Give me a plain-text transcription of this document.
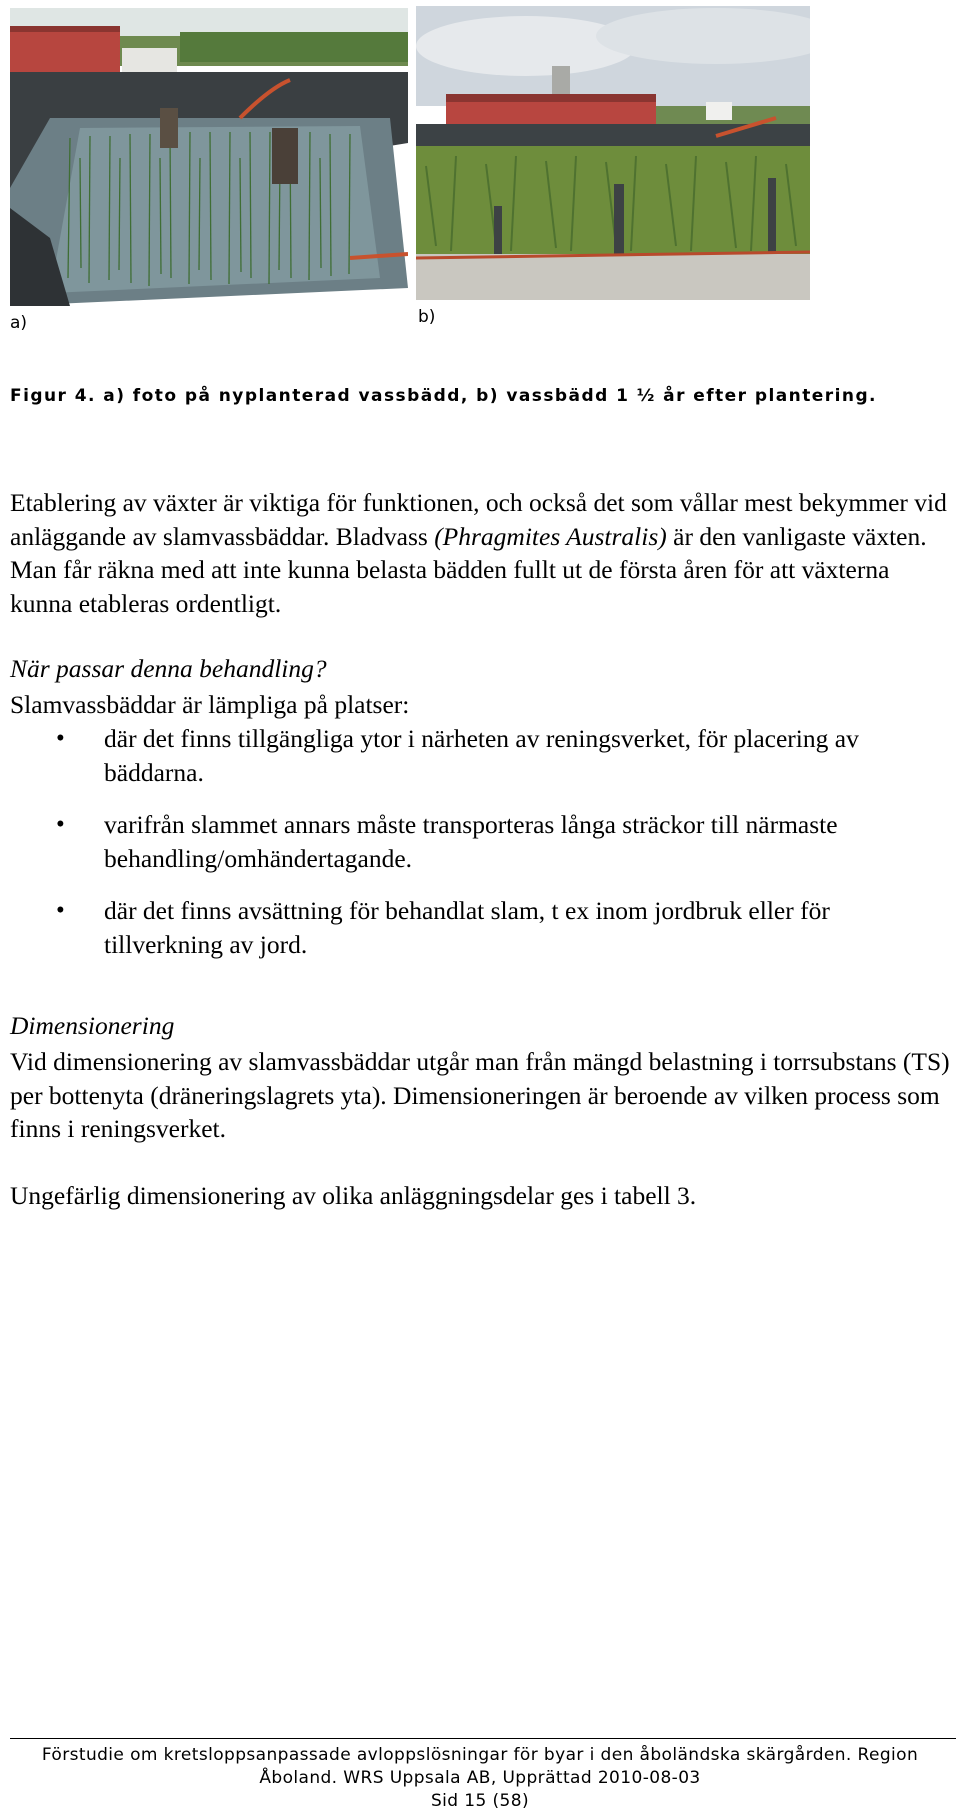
a)	b)
Figur 4. a) foto på nyplanterad vassbädd, b) vassbädd 1 ½ år efter plantering.

Etablering av växter är viktiga för funktionen, och också det som vållar mest bekymmer vid anläggande av slamvassbäddar. Bladvass (Phragmites Australis) är den vanligaste växten. Man får räkna med att inte kunna belasta bädden fullt ut de första åren för att växterna kunna etableras ordentligt.

När passar denna behandling?

Slamvassbäddar är lämpliga på platser:

• där det finns tillgängliga ytor i närheten av reningsverket, för placering av bäddarna.
• varifrån slammet annars måste transporteras långa sträckor till närmaste behandling/omhändertagande.
• där det finns avsättning för behandlat slam, t ex inom jordbruk eller för tillverkning av jord.

Dimensionering

Vid dimensionering av slamvassbäddar utgår man från mängd belastning i torrsubstans (TS) per bottenyta (dräneringslagrets yta). Dimensioneringen är beroende av vilken process som finns i reningsverket.

Ungefärlig dimensionering av olika anläggningsdelar ges i tabell 3.

Förstudie om kretsloppsanpassade avloppslösningar för byar i den åboländska skärgården. Region
Åboland. WRS Uppsala AB, Upprättad 2010-08-03
Sid 15 (58)
